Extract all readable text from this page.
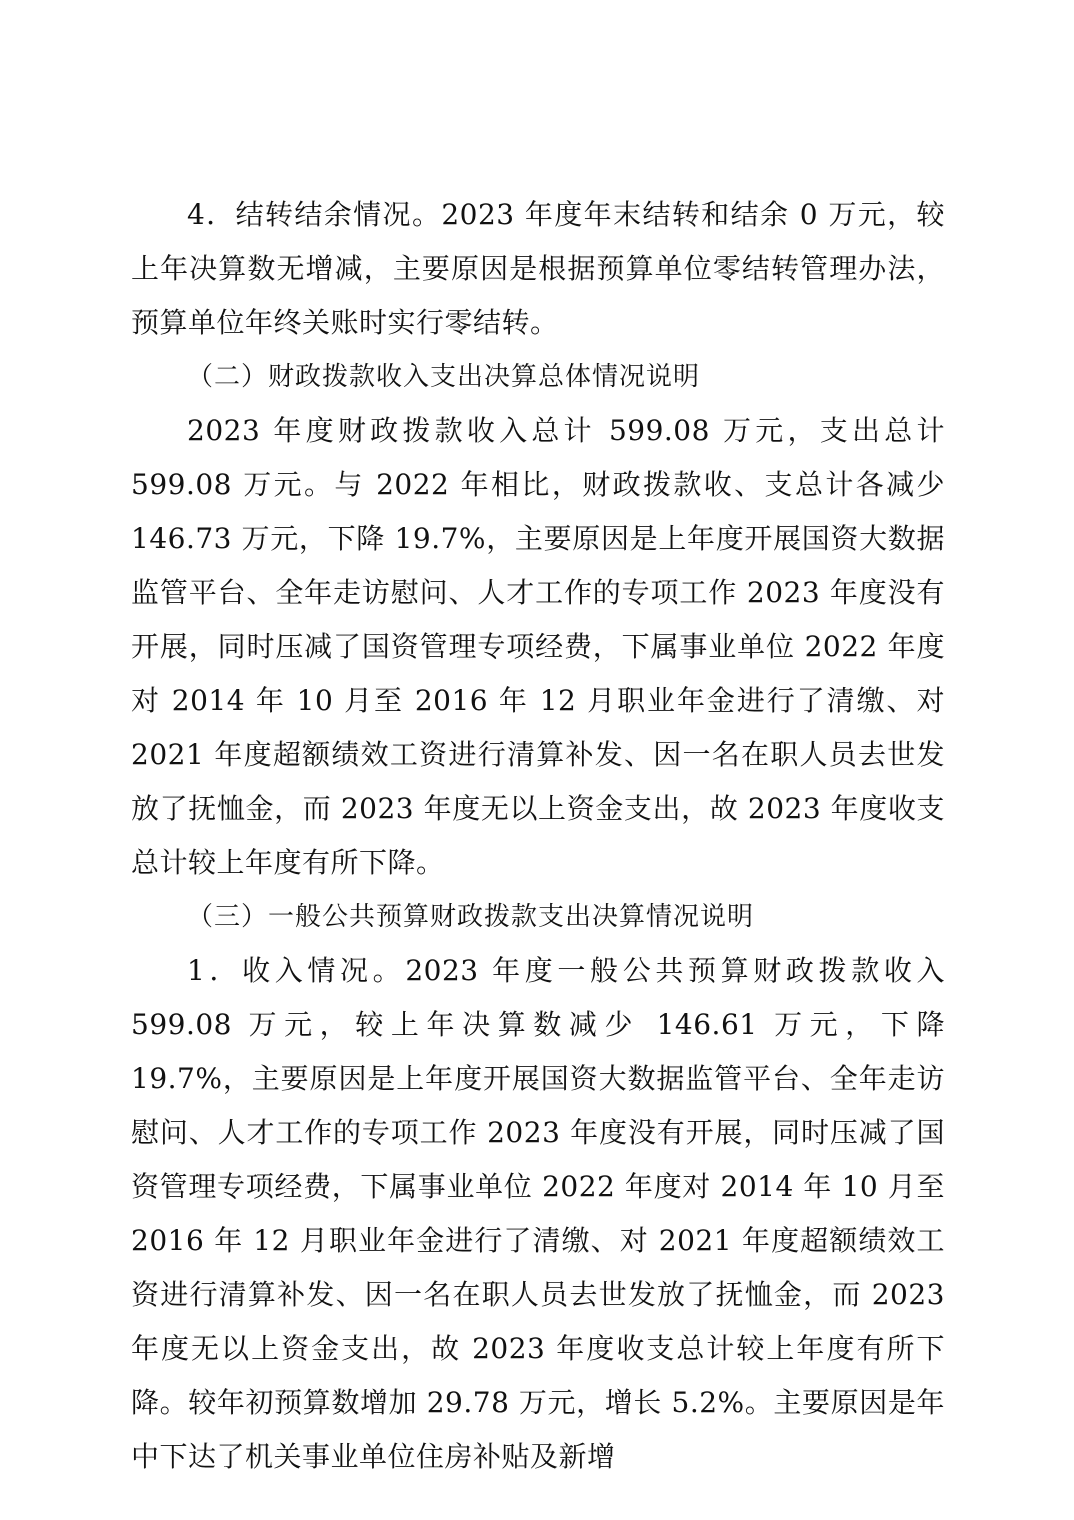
4．结转结余情况。2023 年度年末结转和结余 0 万元，较上年决算数无增减，主要原因是根据预算单位零结转管理办法，预算单位年终关账时实行零结转。

（二）财政拨款收入支出决算总体情况说明

2023 年度财政拨款收入总计 599.08 万元，支出总计 599.08 万元。与 2022 年相比，财政拨款收、支总计各减少 146.73 万元，下降 19.7%，主要原因是上年度开展国资大数据监管平台、全年走访慰问、人才工作的专项工作 2023 年度没有开展，同时压减了国资管理专项经费，下属事业单位 2022 年度对 2014 年 10 月至 2016 年 12 月职业年金进行了清缴、对 2021 年度超额绩效工资进行清算补发、因一名在职人员去世发放了抚恤金，而 2023 年度无以上资金支出，故 2023 年度收支总计较上年度有所下降。

（三）一般公共预算财政拨款支出决算情况说明

1．收入情况。2023 年度一般公共预算财政拨款收入 599.08 万元，较上年决算数减少 146.61 万元，下降 19.7%，主要原因是上年度开展国资大数据监管平台、全年走访慰问、人才工作的专项工作 2023 年度没有开展，同时压减了国资管理专项经费，下属事业单位 2022 年度对 2014 年 10 月至 2016 年 12 月职业年金进行了清缴、对 2021 年度超额绩效工资进行清算补发、因一名在职人员去世发放了抚恤金，而 2023 年度无以上资金支出，故 2023 年度收支总计较上年度有所下降。较年初预算数增加 29.78 万元，增长 5.2%。主要原因是年中下达了机关事业单位住房补贴及新增
